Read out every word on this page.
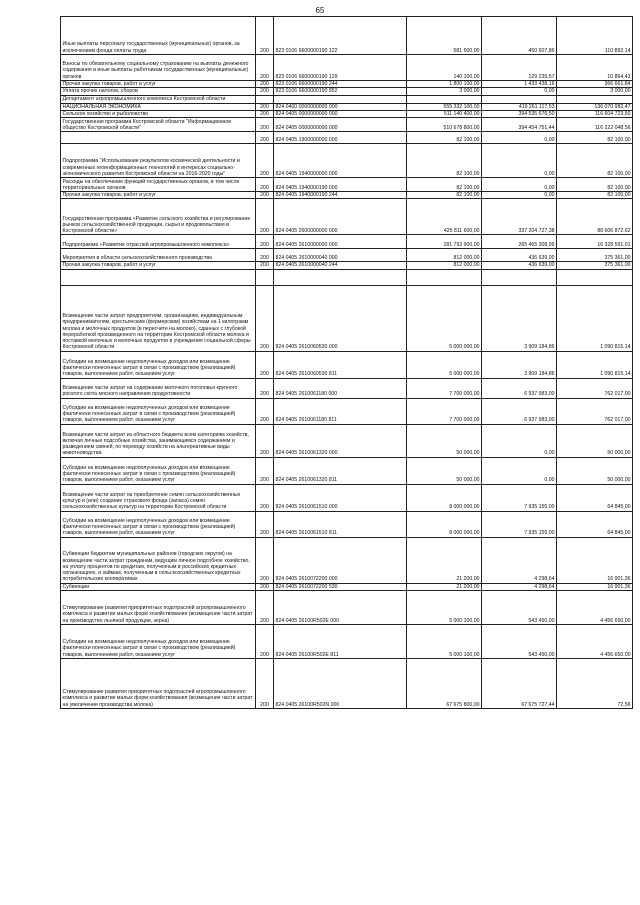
65
Иные выплаты персоналу государственных (муниципальных) органов, за исключением фонда оплаты труда	200	823 0106 6600000190 122	581 500,00	450 607,86	110 892,14
Взносы по обязательному социальному страхованию на выплаты денежного содержания и иные выплаты работникам государственных (муниципальных) органов	200	823 0106 6600000190 129	140 100,00	129 235,57	10 864,43
Прочая закупка товаров, работ и услуг	200	823 0106 6600000190 244	1 800 100,00	1 433 438,16	366 661,84
Уплата прочих налогов, сборов	200	823 0106 6600000190 852	3 000,00	0,00	3 000,00
Департамент агропромышленного комплекса Костромской области					
НАЦИОНАЛЬНАЯ ЭКОНОМИКА	200	824 0400 0000000000 000	555 332 100,00	419 261 117,53	136 070 982,47
Сельское хозяйство и рыболовство	200	824 0405 0000000000 000	511 140 400,00	394 535 676,50	116 604 723,50
Государственная программа Костромской области "Информационное общество Костромской области"	200	824 0405 0000000000 000	510 678 800,00	394 454 751,44	116 222 048,56
	200	824 0405 1900000000 000	82 100,00	0,00	82 100,00
Подпрограмма "Использование результатов космической деятельности и современных геоинформационных технологий в интересах социально-экономического развития Костромской области на 2016-2020 годы"	200	824 0405 1940000000 000	82 100,00	0,00	82 100,00
Расходы на обеспечение функций государственных органов, в том числе территориальных органов	200	824 0405 1940000190 000	82 100,00	0,00	82 100,00
Прочая закупка товаров, работ и услуг	200	824 0405 1940000190 244	82 100,00	0,00	82 100,00
Государственная программа «Развитие сельского хозяйства и регулирование рынков сельскохозяйственной продукции, сырья и продовольствия в Костромской области»	200	824 0405 2600000000 000	425 811 600,00	337 204 727,38	88 606 872,62
Подпрограмма «Развитие отраслей агропромышленного комплекса»	200	824 0405 2610000000 000	281 793 900,00	265 465 308,99	16 328 591,01
Мероприятия в области сельскохозяйственного производства	200	824 0405 2610000040 000	812 000,00	436 639,00	375 361,00
Прочая закупка товаров, работ и услуг	200	824 0405 2610000040 244	812 000,00	436 639,00	375 361,00

Возмещение части затрат предприятиям, организациям, индивидуальным предпринимателям, крестьянским (фермерским) хозяйствам на 1 килограмм молока и молочных продуктов (в пересчете на молоко), сданных с глубокой переработкой произведенного на территории Костромской области молока и поставкой молочных и молочных продуктов в учреждения социальной сферы Костромской области	200	824 0405 2610060530 000	5 000 000,00	3 909 184,86	1 090 815,14
Субсидии на возмещение недополученных доходов или возмещение фактически понесенных затрат в связи с производством (реализацией) товаров, выполнением работ, оказанием услуг	200	824 0405 2610060530 811	5 000 000,00	3 909 184,86	1 090 815,14
Возмещение части затрат на содержание маточного поголовья крупного рогатого скота мясного направления продуктивности	200	824 0405 2610061180 000	7 700 000,00	6 937 983,00	762 017,00
Субсидии на возмещение недополученных доходов или возмещение фактически понесенных затрат в связи с производством (реализацией) товаров, выполнением работ, оказанием услуг	200	824 0405 2610061180 811	7 700 000,00	6 937 983,00	762 017,00
Возмещение части затрат из областного бюджета всем категориям хозяйств, включая личные подсобные хозяйства, занимающимся содержанием и разведением свиней, по переводу хозяйств на альтернативные виды животноводства	200	824 0405 2610061320 000	50 000,00	0,00	50 000,00
Субсидии на возмещение недополученных доходов или возмещение фактически понесенных затрат в связи с производством (реализацией) товаров, выполнением работ, оказанием услуг	200	824 0405 2610061320 811	50 000,00	0,00	50 000,00
Возмещение части затрат на приобретение семян сельскохозяйственных культур и (или) создание страхового фонда (запаса) семян сельскохозяйственных культур на территории Костромской области	200	824 0405 2610061510 000	8 000 000,00	7 935 155,00	64 845,00
Субсидии на возмещение недополученных доходов или возмещение фактически понесенных затрат в связи с производством (реализацией) товаров, выполнением работ, оказанием услуг	200	824 0405 2610061510 811	8 000 000,00	7 935 155,00	64 845,00
Субвенции бюджетам муниципальных районов (городских округов) на возмещение части затрат гражданам, ведущим личное подсобное хозяйство, на уплату процентов по кредитам, полученным в российских кредитных организациях, и займам, полученным в сельскохозяйственных кредитных потребительских кооперативах	200	824 0405 2610072200 000	21 200,00	4 298,64	16 901,36
Субвенции	200	824 0405 2610072200 530	21 200,00	4 298,64	16 901,36
Стимулирование развития приоритетных подотраслей агропромышленного комплекса и развитие малых форм хозяйствования (возмещение части затрат на производство льняной продукции, зерна)	200	824 0405 26100R502E 000	5 000 100,00	543 450,00	4 456 650,00
Субсидии на возмещение недополученных доходов или возмещение фактически понесенных затрат в связи с производством (реализацией) товаров, выполнением работ, оказанием услуг	200	824 0405 26100R502E 811	5 000 100,00	543 450,00	4 456 650,00
Стимулирование развития приоритетных подотраслей агропромышленного комплекса и развитие малых форм хозяйствования (возмещение части затрат на увеличение производства молока)	200	824 0405 26100R502N 000	67 675 800,00	67 675 727,44	72,56
